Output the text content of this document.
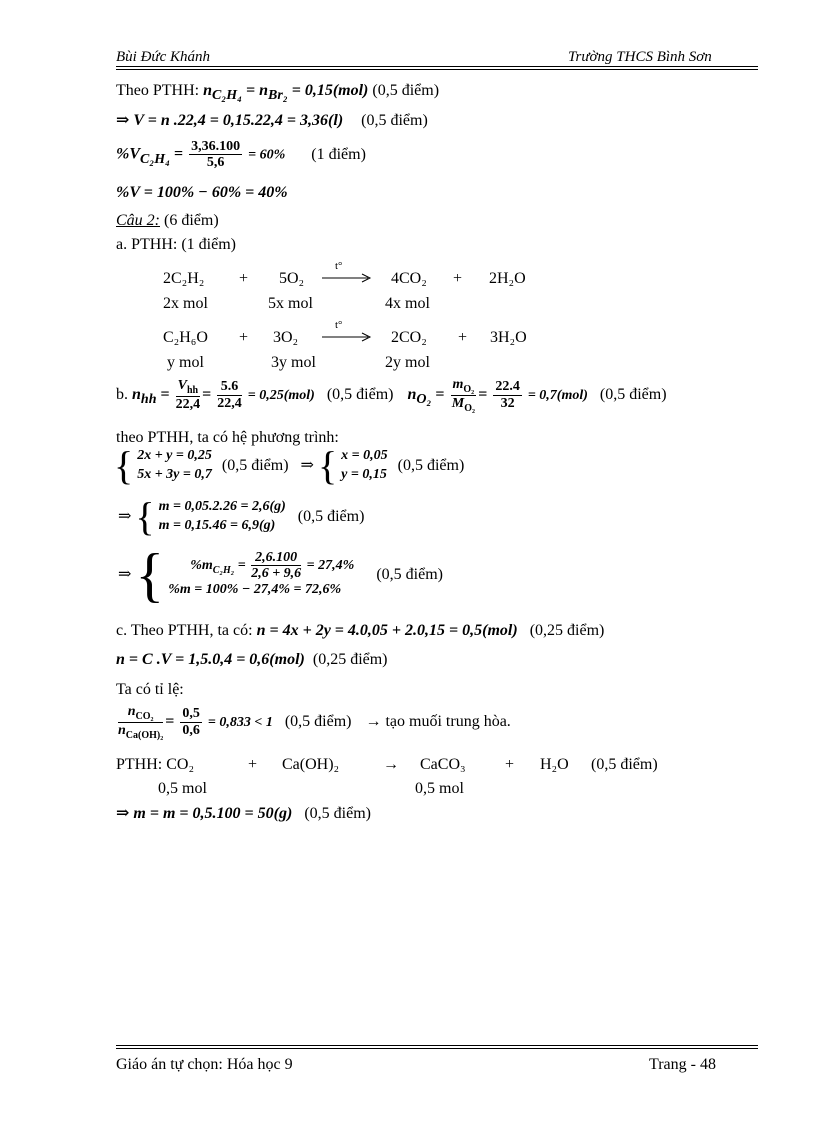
Bùi Đức Khánh	Trường THCS Bình Sơn
Theo PTHH: $n_{C_2H_4} = n_{Br_2} = 0,15(mol)$ (0,5 điểm)
⇒ V = n .22,4 = 0,15.22,4 = 3,36(l) (0,5 điểm)
$\%V_{C_2H_4} = \frac{3,36.100}{5,6} = 60\%$ (1 điểm)
%V = 100% − 60% = 40%
Câu 2: (6 điểm)
a. PTHH: (1 điểm)
2C₂H₂ + 5O₂
t°
4CO₂ + 2H₂O
2x mol	5x mol	4x mol
C₂H₆O + 3O₂
t°
2CO₂ + 3H₂O
y mol	3y mol	2y mol
b. $n_{hh} = \frac{V_{hh}}{22,4} = \frac{5.6}{22,4} = 0,25(mol)$ (0,5 điểm) $n_{O_2} = \frac{m_{O_2}}{M_{O_2}} = \frac{22.4}{32} = 0,7(mol)$ (0,5 điểm)
theo PTHH, ta có hệ phương trình:
{ 2x + y = 0,25
5x + 3y = 0,7
(0,5 điểm) ⇒ { x = 0,05
y = 0,15
(0,5 điểm)
⇒ { m = 0,05.2.26 = 2,6(g)
m = 0,15.46 = 6,9(g)
(0,5 điểm)
⇒ {	$\%m_{C_2H_2} = \frac{2,6.100}{2,6 + 9,6} = 27,4\%$
%m = 100% − 27,4% = 72,6%
(0,5 điểm)
c. Theo PTHH, ta có: n = 4x + 2y = 4.0,05 + 2.0,15 = 0,5(mol) (0,25 điểm)
n = C .V = 1,5.0,4 = 0,6(mol) (0,25 điểm)
Ta có tỉ lệ:
$\frac{n_{CO_2}}{n_{Ca(OH)_2}} = \frac{0,5}{0,6} = 0,833 < 1$ (0,5 điểm) → tạo muối trung hòa.
PTHH: CO₂	+ Ca(OH)₂	→ CaCO₃ + H₂O (0,5 điểm)
0,5 mol	0,5 mol
⇒ m = m = 0,5.100 = 50(g) (0,5 điểm)
Giáo án tự chọn: Hóa học 9	Trang - 48
